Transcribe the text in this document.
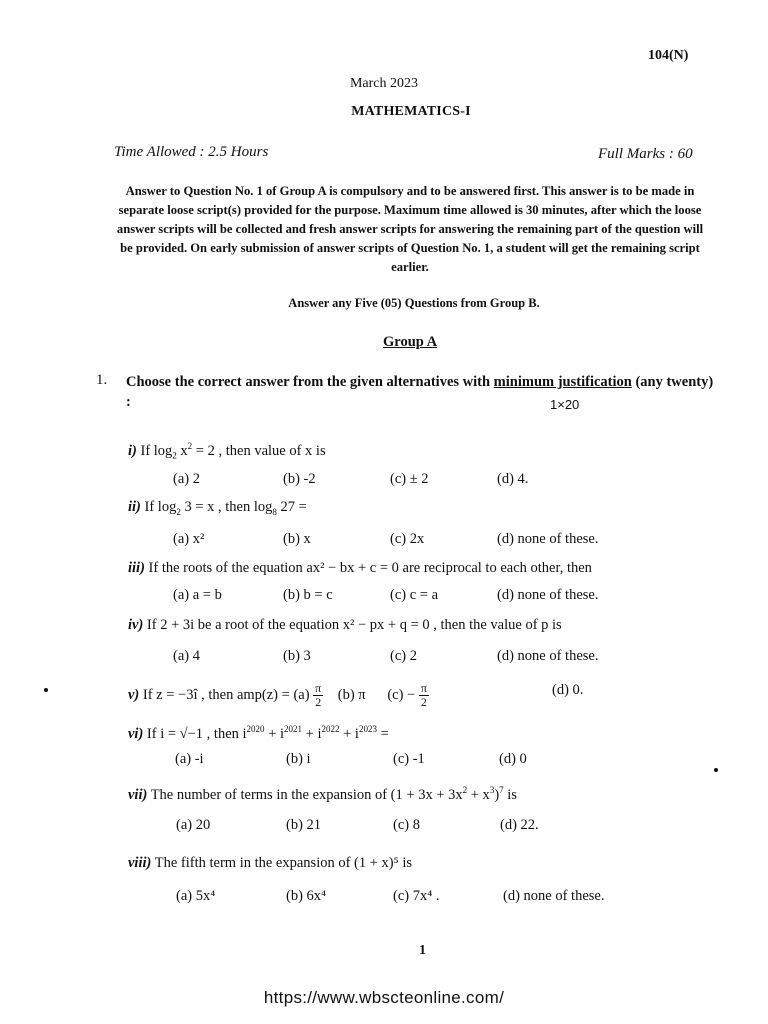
104(N)
March 2023
MATHEMATICS-I
Time Allowed : 2.5 Hours	Full Marks : 60
Answer to Question No. 1 of Group A is compulsory and to be answered first. This answer is to be made in separate loose script(s) provided for the purpose. Maximum time allowed is 30 minutes, after which the loose answer scripts will be collected and fresh answer scripts for answering the remaining part of the question will be provided. On early submission of answer scripts of Question No. 1, a student will get the remaining script earlier.
Answer any Five (05) Questions from Group B.
Group A
1. Choose the correct answer from the given alternatives with minimum justification (any twenty) :	1×20
i) If $\log_2 x^2 = 2$ , then value of x is
(a) 2	(b) -2	(c) ± 2	(d) 4.
ii) If $\log_2 3 = x$ , then $\log_8 27$ =
(a) x²	(b) x	(c) 2x	(d) none of these.
iii) If the roots of the equation ax² − bx + c = 0 are reciprocal to each other, then
(a) a = b	(b) b = c	(c) c = a	(d) none of these.
iv) If 2 + 3i be a root of the equation x² − px + q = 0 , then the value of p is
(a) 4	(b) 3	(c) 2	(d) none of these.
v) If z = −3î , then $amp(z) = (a) \frac{\pi}{2} (b)$ π      $(c) - \frac{\pi}{2}$	(d) 0.
vi) If i = √−1 , then $i^{2020} + i^{2021} + i^{2022} + i^{2023}$ =
(a) -i	(b) i	(c) -1	(d) 0
vii) The number of terms in the expansion of $(1 + 3x + 3x^2 + x^3)^7$ is
(a) 20	(b) 21	(c) 8	(d) 22.
viii) The fifth term in the expansion of (1 + x)⁵ is
(a) 5x⁴	(b) 6x⁴	(c) 7x⁴ .	(d) none of these.
1
https://www.wbscteonline.com/
